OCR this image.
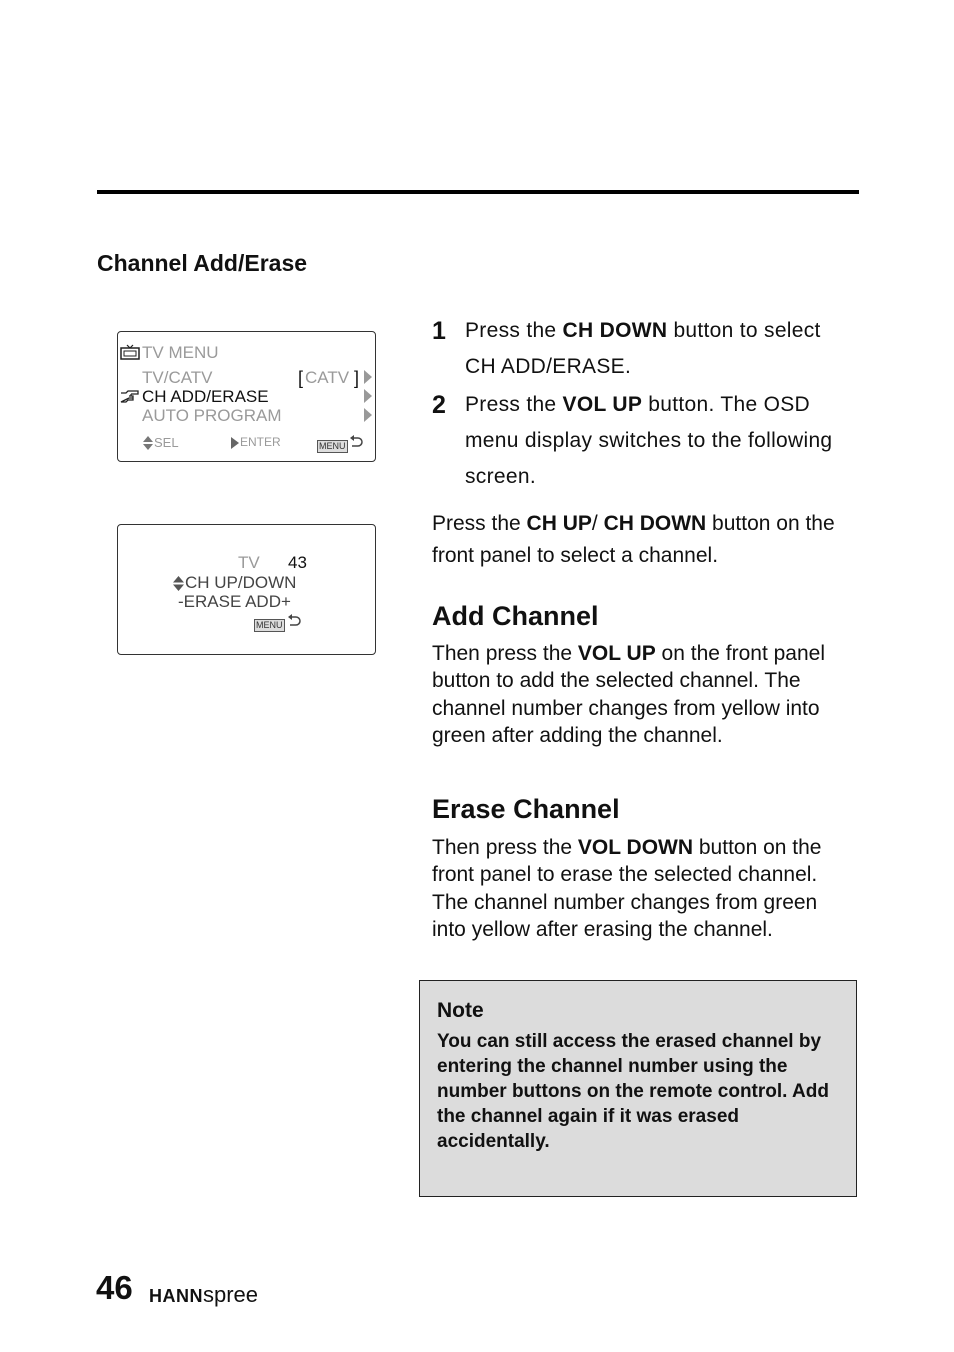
Channel Add/Erase
TV MENU
TV/CATV	[ CATV ]
CH ADD/ERASE
AUTO PROGRAM
SEL	ENTER	MENU
TV 43
CH UP/DOWN
-ERASE ADD+
MENU
1 Press the CH DOWN button to select CH ADD/ERASE.
2 Press the VOL UP button. The OSD menu display switches to the following screen.

Press the CH UP/ CH DOWN button on the front panel to select a channel.

Add Channel

Then press the VOL UP on the front panel button to add the selected channel. The channel number changes from yellow into green after adding the channel.

Erase Channel

Then press the VOL DOWN button on the front panel to erase the selected channel. The channel number changes from green into yellow after erasing the channel.

Note

You can still access the erased channel by entering the channel number using the number buttons on the remote control. Add the channel again if it was erased accidentally.

46 HANNspree
